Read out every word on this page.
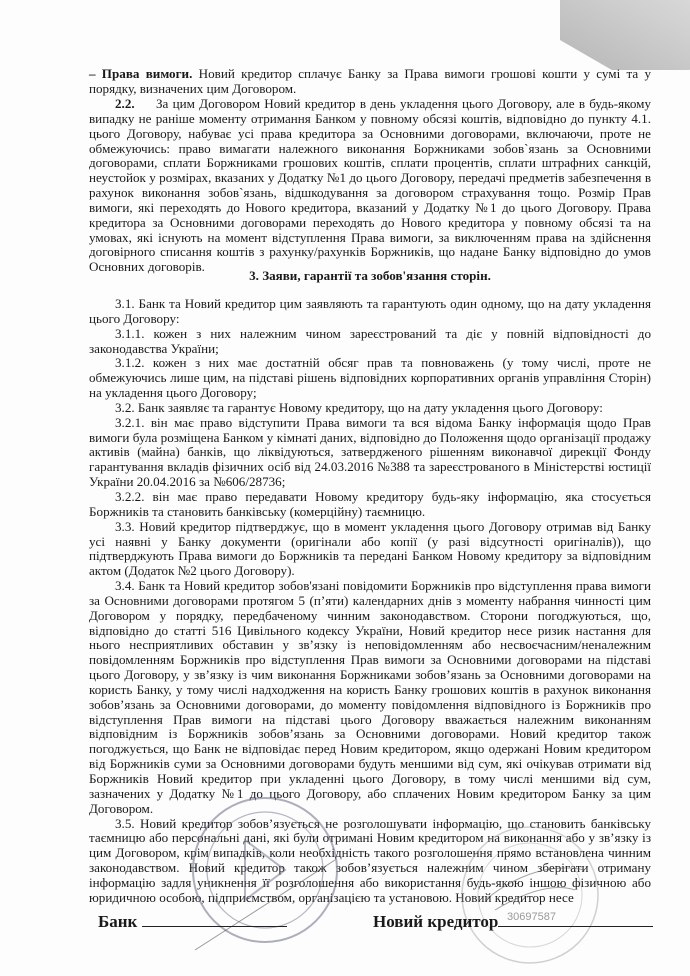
– Права вимоги. Новий кредитор сплачує Банку за Права вимоги грошові кошти у сумі та у порядку, визначених цим Договором.

2.2. За цим Договором Новий кредитор в день укладення цього Договору, але в будь-якому випадку не раніше моменту отримання Банком у повному обсязі коштів, відповідно до пункту 4.1. цього Договору, набуває усі права кредитора за Основними договорами, включаючи, проте не обмежуючись: право вимагати належного виконання Боржниками зобов`язань за Основними договорами, сплати Боржниками грошових коштів, сплати процентів, сплати штрафних санкцій, неустойок у розмірах, вказаних у Додатку №1 до цього Договору, передачі предметів забезпечення в рахунок виконання зобов`язань, відшкодування за договором страхування тощо. Розмір Прав вимоги, які переходять до Нового кредитора, вказаний у Додатку №1 до цього Договору. Права кредитора за Основними договорами переходять до Нового кредитора у повному обсязі та на умовах, які існують на момент відступлення Права вимоги, за виключенням права на здійснення договірного списання коштів з рахунку/рахунків Боржників, що надане Банку відповідно до умов Основних договорів.

3. Заяви, гарантії та зобов'язання сторін.

3.1. Банк та Новий кредитор цим заявляють та гарантують один одному, що на дату укладення цього Договору:

3.1.1. кожен з них належним чином зареєстрований та діє у повній відповідності до законодавства України;

3.1.2. кожен з них має достатній обсяг прав та повноважень (у тому числі, проте не обмежуючись лише цим, на підставі рішень відповідних корпоративних органів управління Сторін) на укладення цього Договору;

3.2. Банк заявляє та гарантує Новому кредитору, що на дату укладення цього Договору:

3.2.1. він має право відступити Права вимоги та вся відома Банку інформація щодо Прав вимоги була розміщена Банком у кімнаті даних, відповідно до Положення щодо організації продажу активів (майна) банків, що ліквідуються, затвердженого рішенням виконавчої дирекції Фонду гарантування вкладів фізичних осіб від 24.03.2016 №388 та зареєстрованого в Міністерстві юстиції України 20.04.2016 за №606/28736;

3.2.2. він має право передавати Новому кредитору будь-яку інформацію, яка стосується Боржників та становить банківську (комерційну) таємницю.

3.3. Новий кредитор підтверджує, що в момент укладення цього Договору отримав від Банку усі наявні у Банку документи (оригінали або копії (у разі відсутності оригіналів)), що підтверджують Права вимоги до Боржників та передані Банком Новому кредитору за відповідним актом (Додаток №2 цього Договору).

3.4. Банк та Новий кредитор зобов'язані повідомити Боржників про відступлення права вимоги за Основними договорами протягом 5 (п’яти) календарних днів з моменту набрання чинності цим Договором у порядку, передбаченому чинним законодавством. Сторони погоджуються, що, відповідно до статті 516 Цивільного кодексу України, Новий кредитор несе ризик настання для нього несприятливих обставин у зв’язку із неповідомленням або несвоєчасним/неналежним повідомленням Боржників про відступлення Прав вимоги за Основними договорами на підставі цього Договору, у зв’язку із чим виконання Боржниками зобов’язань за Основними договорами на користь Банку, у тому числі надходження на користь Банку грошових коштів в рахунок виконання зобов’язань за Основними договорами, до моменту повідомлення відповідного із Боржників про відступлення Прав вимоги на підставі цього Договору вважається належним виконанням відповідним із Боржників зобов’язань за Основними договорами. Новий кредитор також погоджується, що Банк не відповідає перед Новим кредитором, якщо одержані Новим кредитором від Боржників суми за Основними договорами будуть меншими від сум, які очікував отримати від Боржників Новий кредитор при укладенні цього Договору, в тому числі меншими від сум, зазначених у Додатку №1 до цього Договору, або сплачених Новим кредитором Банку за цим Договором.

3.5. Новий кредитор зобов’язується не розголошувати інформацію, що становить банківську таємницю або персональні дані, які були отримані Новим кредитором на виконання або у зв’язку із цим Договором, крім випадків, коли необхідність такого розголошення прямо встановлена чинним законодавством. Новий кредитор також зобов’язується належним чином зберігати отриману інформацію задля уникнення її розголошення або використання будь-якою іншою фізичною або юридичною особою, підприємством, організацією та установою. Новий кредитор несе

30697587
Банк	Новий кредитор
